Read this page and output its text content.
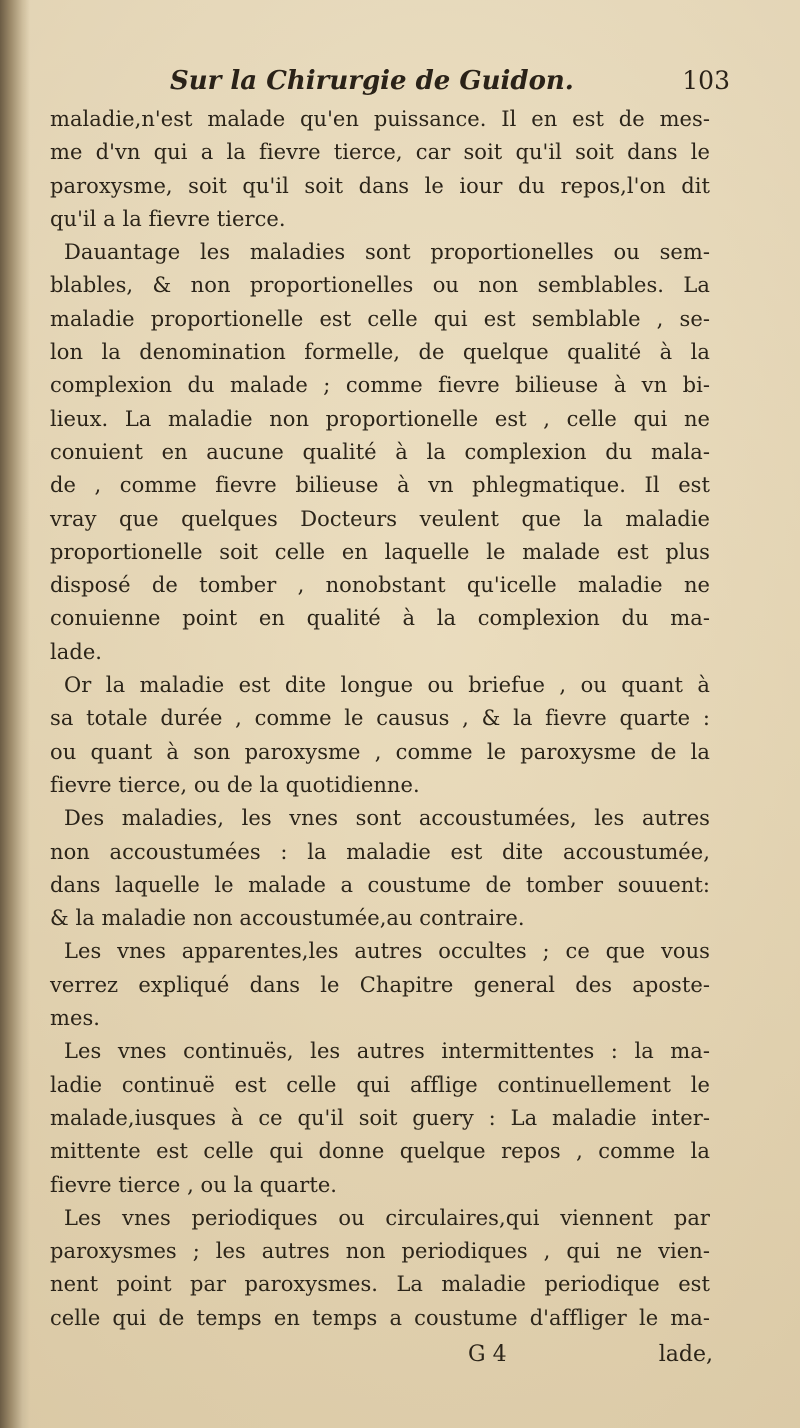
Sur la Chirurgie de Guidon.	103
maladie,n'est malade qu'en puissance. Il en est de mes-
me d'vn qui a la fievre tierce, car soit qu'il soit dans le
paroxysme, soit qu'il soit dans le iour du repos,l'on dit
qu'il a la fievre tierce.
Dauantage les maladies sont proportionelles ou sem-
blables, & non proportionelles ou non semblables. La
maladie proportionelle est celle qui est semblable , se-
lon la denomination formelle, de quelque qualité à la
complexion du malade ; comme fievre bilieuse à vn bi-
lieux. La maladie non proportionelle est , celle qui ne
conuient en aucune qualité à la complexion du mala-
de , comme fievre bilieuse à vn phlegmatique. Il est
vray que quelques Docteurs veulent que la maladie
proportionelle soit celle en laquelle le malade est plus
disposé de tomber , nonobstant qu'icelle maladie ne
conuienne point en qualité à la complexion du ma-
lade.
Or la maladie est dite longue ou briefue , ou quant à
sa totale durée , comme le causus , & la fievre quarte :
ou quant à son paroxysme , comme le paroxysme de la
fievre tierce, ou de la quotidienne.
Des maladies, les vnes sont accoustumées, les autres
non accoustumées : la maladie est dite accoustumée,
dans laquelle le malade a coustume de tomber souuent:
& la maladie non accoustumée,au contraire.
Les vnes apparentes,les autres occultes ; ce que vous
verrez expliqué dans le Chapitre general des aposte-
mes.
Les vnes continuës, les autres intermittentes : la ma-
ladie continuë est celle qui afflige continuellement le
malade,iusques à ce qu'il soit guery : La maladie inter-
mittente est celle qui donne quelque repos , comme la
fievre tierce , ou la quarte.
Les vnes periodiques ou circulaires,qui viennent par
paroxysmes ; les autres non periodiques , qui ne vien-
nent point par paroxysmes. La maladie periodique est
celle qui de temps en temps a coustume d'affliger le ma-
G 4	lade,
